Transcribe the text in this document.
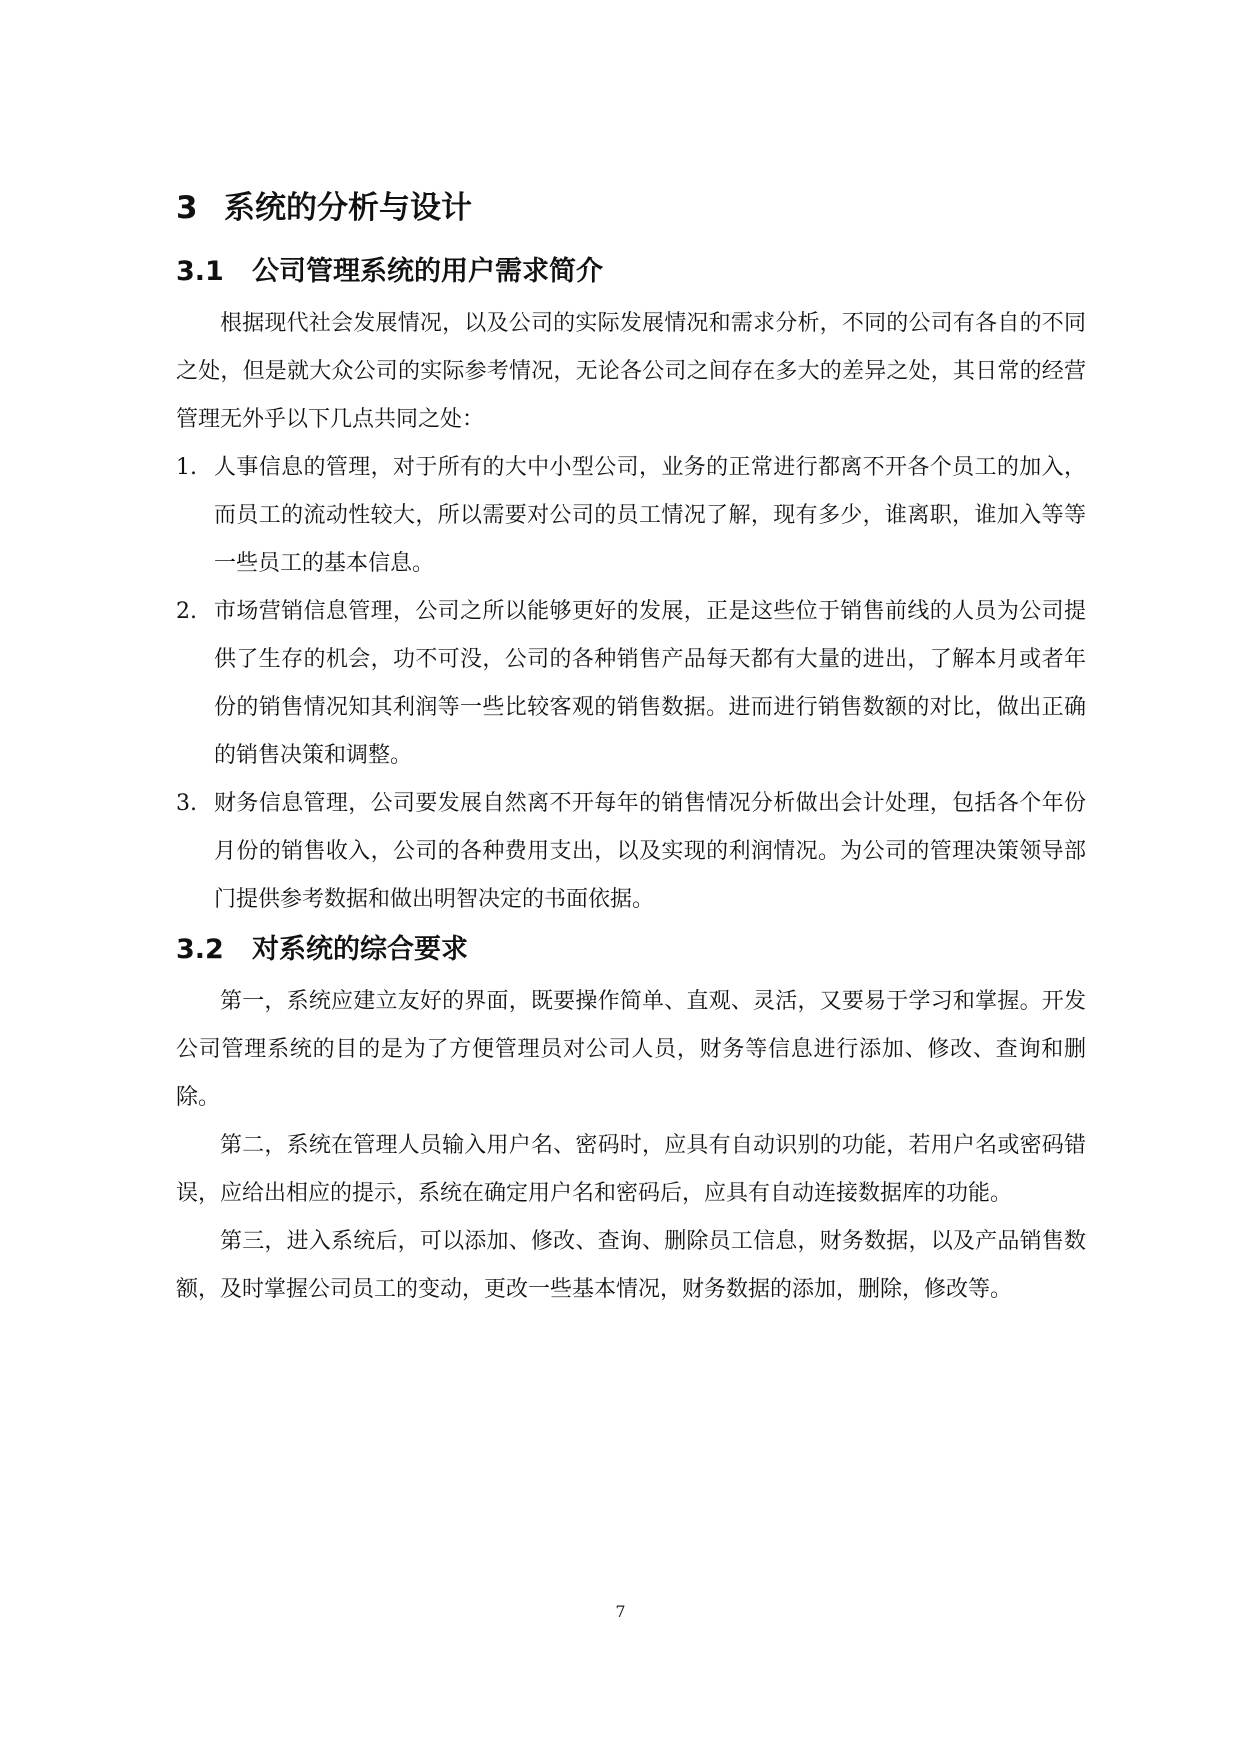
3 系统的分析与设计
3.1 公司管理系统的用户需求简介

根据现代社会发展情况，以及公司的实际发展情况和需求分析，不同的公司有各自的不同之处，但是就大众公司的实际参考情况，无论各公司之间存在多大的差异之处，其日常的经营管理无外乎以下几点共同之处：

1. 人事信息的管理，对于所有的大中小型公司，业务的正常进行都离不开各个员工的加入，而员工的流动性较大，所以需要对公司的员工情况了解，现有多少，谁离职，谁加入等等一些员工的基本信息。
2. 市场营销信息管理，公司之所以能够更好的发展，正是这些位于销售前线的人员为公司提供了生存的机会，功不可没，公司的各种销售产品每天都有大量的进出，了解本月或者年份的销售情况知其利润等一些比较客观的销售数据。进而进行销售数额的对比，做出正确的销售决策和调整。
3. 财务信息管理，公司要发展自然离不开每年的销售情况分析做出会计处理，包括各个年份月份的销售收入，公司的各种费用支出，以及实现的利润情况。为公司的管理决策领导部门提供参考数据和做出明智决定的书面依据。
3.2 对系统的综合要求

第一，系统应建立友好的界面，既要操作简单、直观、灵活，又要易于学习和掌握。开发公司管理系统的目的是为了方便管理员对公司人员，财务等信息进行添加、修改、查询和删除。

第二，系统在管理人员输入用户名、密码时，应具有自动识别的功能，若用户名或密码错误，应给出相应的提示，系统在确定用户名和密码后，应具有自动连接数据库的功能。

第三，进入系统后，可以添加、修改、查询、删除员工信息，财务数据，以及产品销售数额，及时掌握公司员工的变动，更改一些基本情况，财务数据的添加，删除，修改等。

7
